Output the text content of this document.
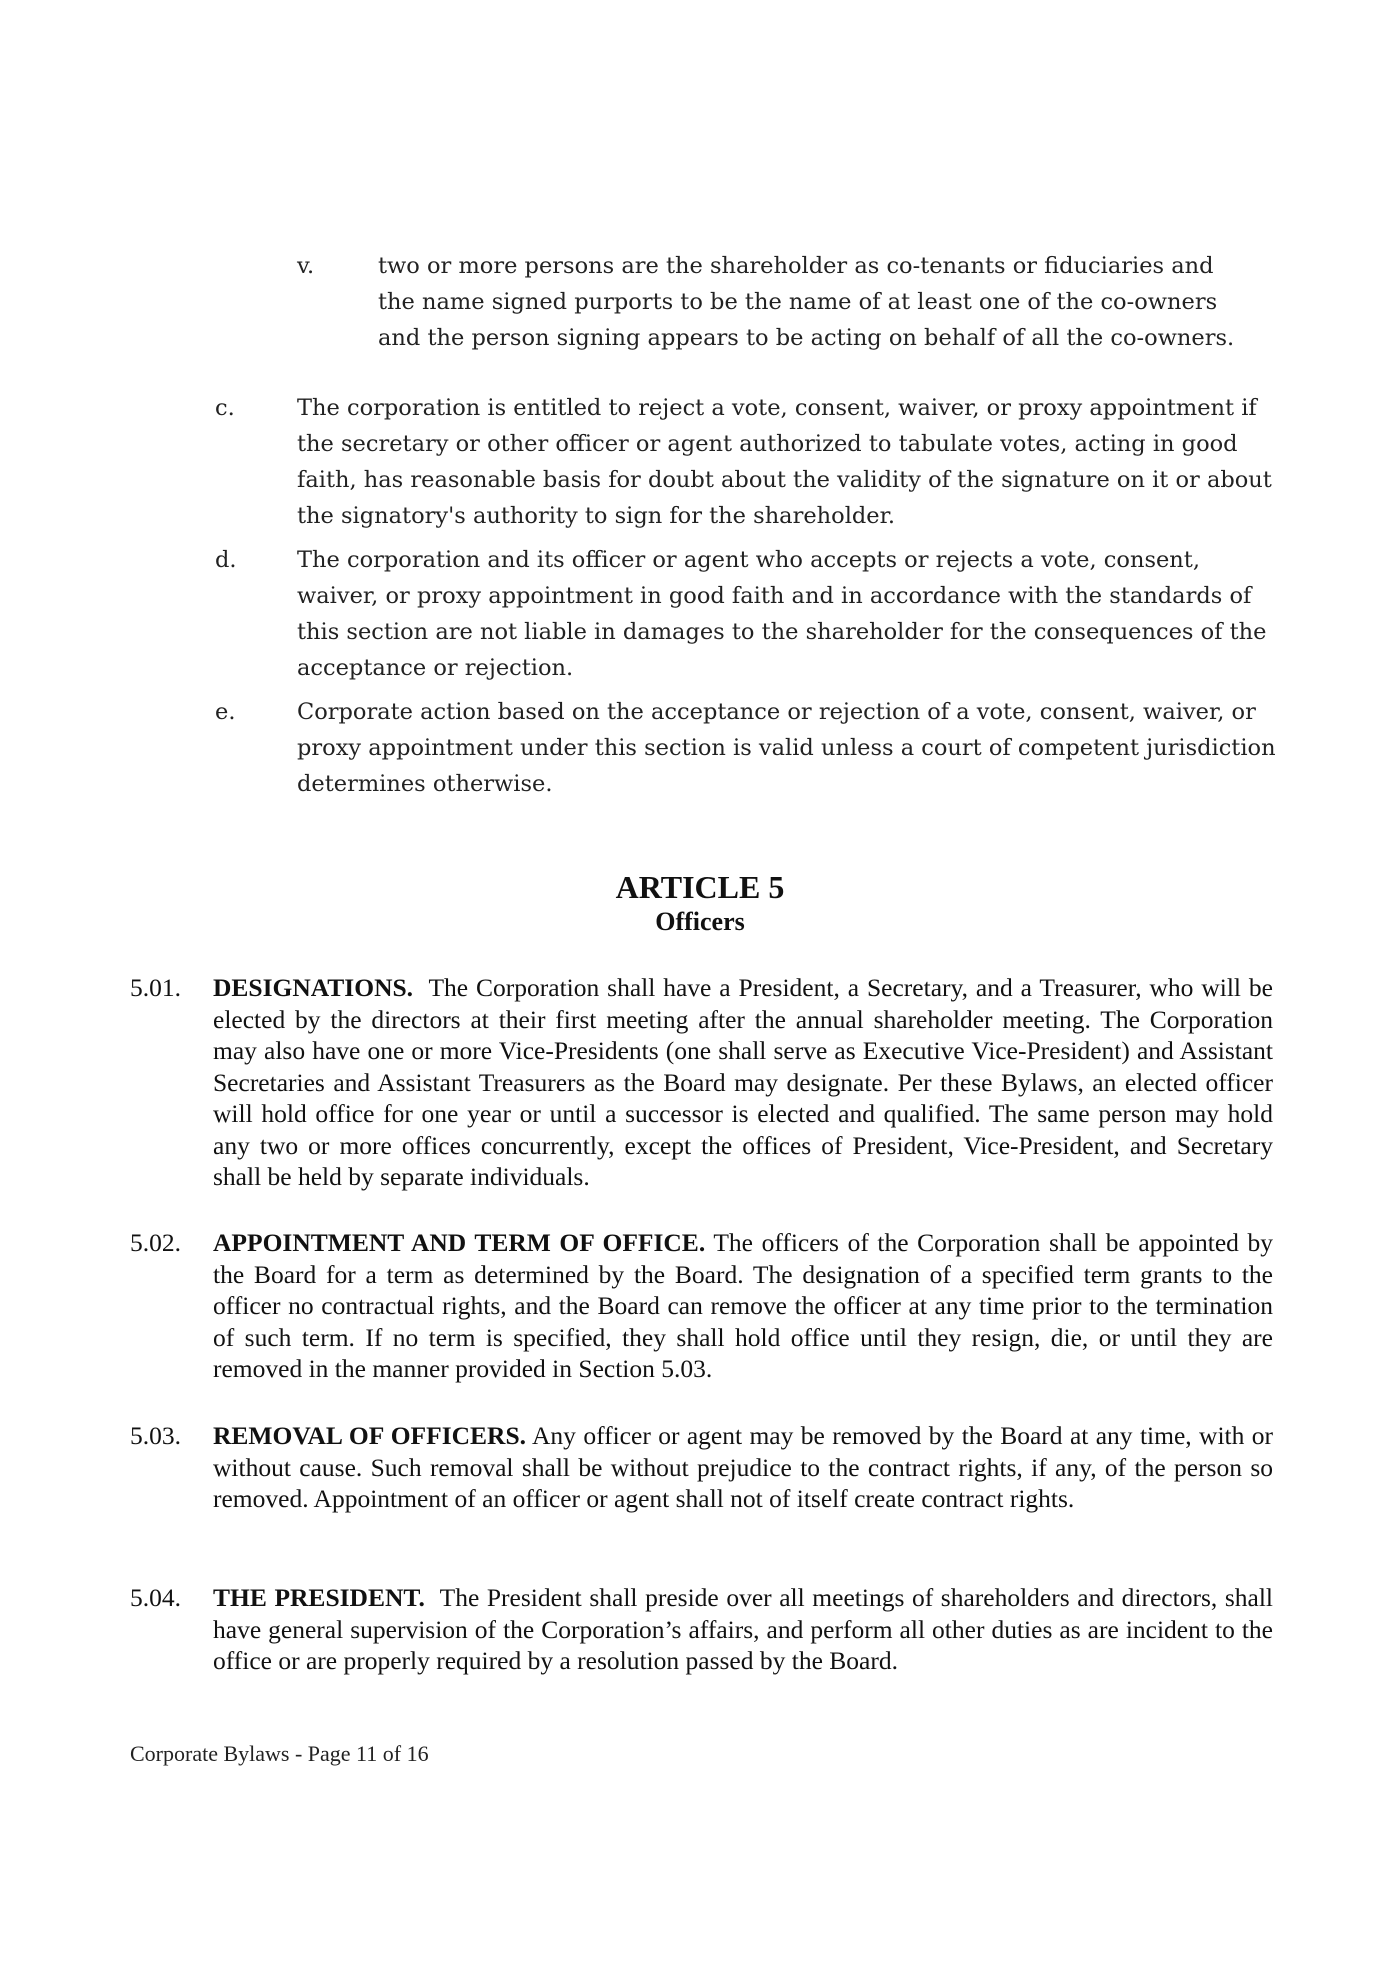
v.	two or more persons are the shareholder as co-tenants or fiduciaries and the name signed purports to be the name of at least one of the co-owners and the person signing appears to be acting on behalf of all the co-owners.
c.	The corporation is entitled to reject a vote, consent, waiver, or proxy appointment if the secretary or other officer or agent authorized to tabulate votes, acting in good faith, has reasonable basis for doubt about the validity of the signature on it or about the signatory's authority to sign for the shareholder.
d.	The corporation and its officer or agent who accepts or rejects a vote, consent, waiver, or proxy appointment in good faith and in accordance with the standards of this section are not liable in damages to the shareholder for the consequences of the acceptance or rejection.
e.	Corporate action based on the acceptance or rejection of a vote, consent, waiver, or proxy appointment under this section is valid unless a court of competent jurisdiction determines otherwise.
ARTICLE 5
Officers
5.01. DESIGNATIONS. The Corporation shall have a President, a Secretary, and a Treasurer, who will be elected by the directors at their first meeting after the annual shareholder meeting. The Corporation may also have one or more Vice-Presidents (one shall serve as Executive Vice-President) and Assistant Secretaries and Assistant Treasurers as the Board may designate. Per these Bylaws, an elected officer will hold office for one year or until a successor is elected and qualified. The same person may hold any two or more offices concurrently, except the offices of President, Vice-President, and Secretary shall be held by separate individuals.
5.02. APPOINTMENT AND TERM OF OFFICE. The officers of the Corporation shall be appointed by the Board for a term as determined by the Board. The designation of a specified term grants to the officer no contractual rights, and the Board can remove the officer at any time prior to the termination of such term. If no term is specified, they shall hold office until they resign, die, or until they are removed in the manner provided in Section 5.03.
5.03. REMOVAL OF OFFICERS. Any officer or agent may be removed by the Board at any time, with or without cause. Such removal shall be without prejudice to the contract rights, if any, of the person so removed. Appointment of an officer or agent shall not of itself create contract rights.
5.04. THE PRESIDENT. The President shall preside over all meetings of shareholders and directors, shall have general supervision of the Corporation’s affairs, and perform all other duties as are incident to the office or are properly required by a resolution passed by the Board.
Corporate Bylaws - Page 11 of 16
